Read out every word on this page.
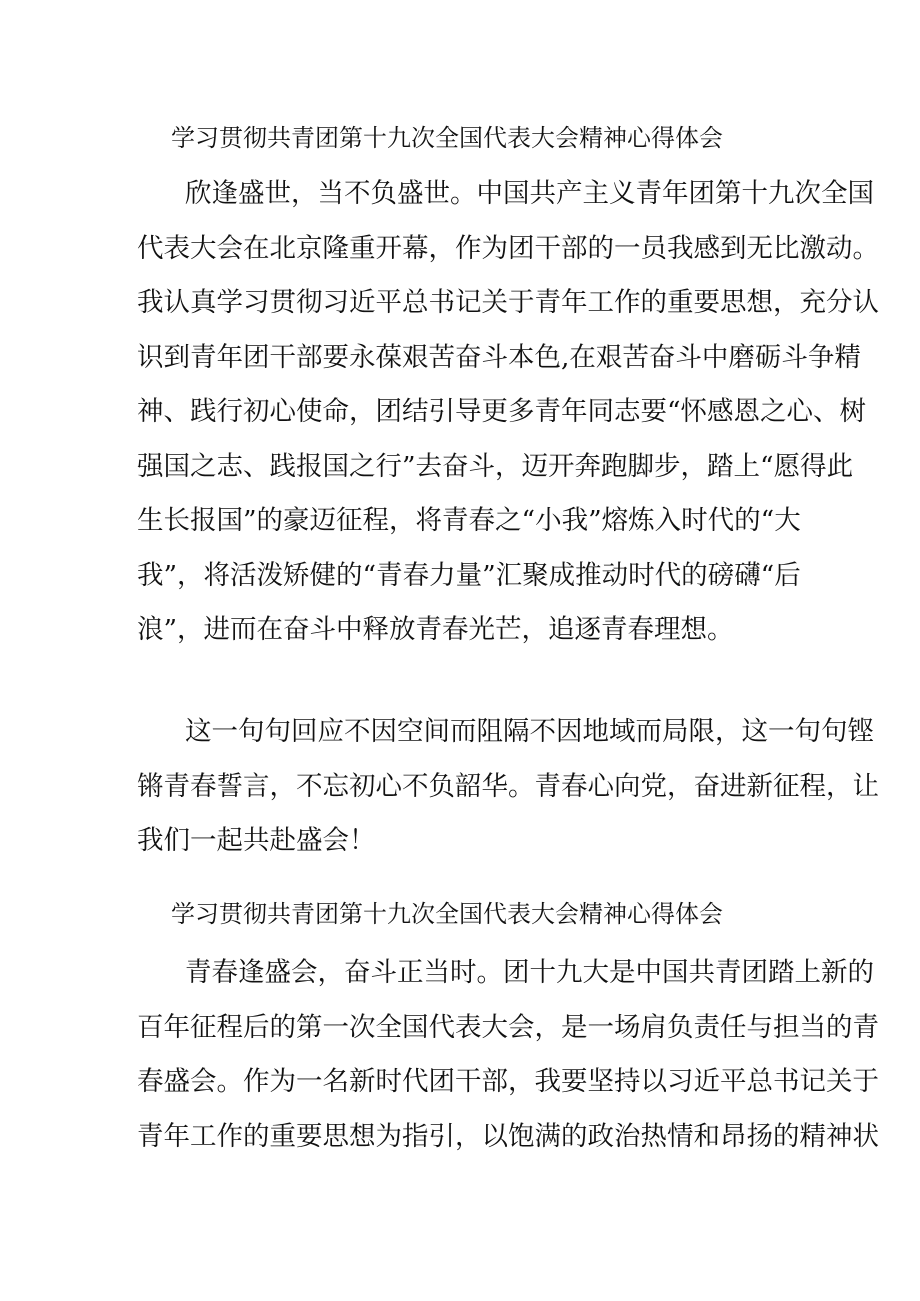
学习贯彻共青团第十九次全国代表大会精神心得体会
欣逢盛世，当不负盛世。中国共产主义青年团第十九次全国
代表大会在北京隆重开幕，作为团干部的一员我感到无比激动。
我认真学习贯彻习近平总书记关于青年工作的重要思想，充分认
识到青年团干部要永葆艰苦奋斗本色,在艰苦奋斗中磨砺斗争精
神、践行初心使命，团结引导更多青年同志要“怀感恩之心、树
强国之志、践报国之行”去奋斗，迈开奔跑脚步，踏上“愿得此
生长报国”的豪迈征程，将青春之“小我”熔炼入时代的“大
我”，将活泼矫健的“青春力量”汇聚成推动时代的磅礴“后
浪”，进而在奋斗中释放青春光芒，追逐青春理想。
这一句句回应不因空间而阻隔不因地域而局限，这一句句铿
锵青春誓言，不忘初心不负韶华。青春心向党，奋进新征程，让
我们一起共赴盛会！
学习贯彻共青团第十九次全国代表大会精神心得体会
青春逢盛会，奋斗正当时。团十九大是中国共青团踏上新的
百年征程后的第一次全国代表大会，是一场肩负责任与担当的青
春盛会。作为一名新时代团干部，我要坚持以习近平总书记关于
青年工作的重要思想为指引，以饱满的政治热情和昂扬的精神状
